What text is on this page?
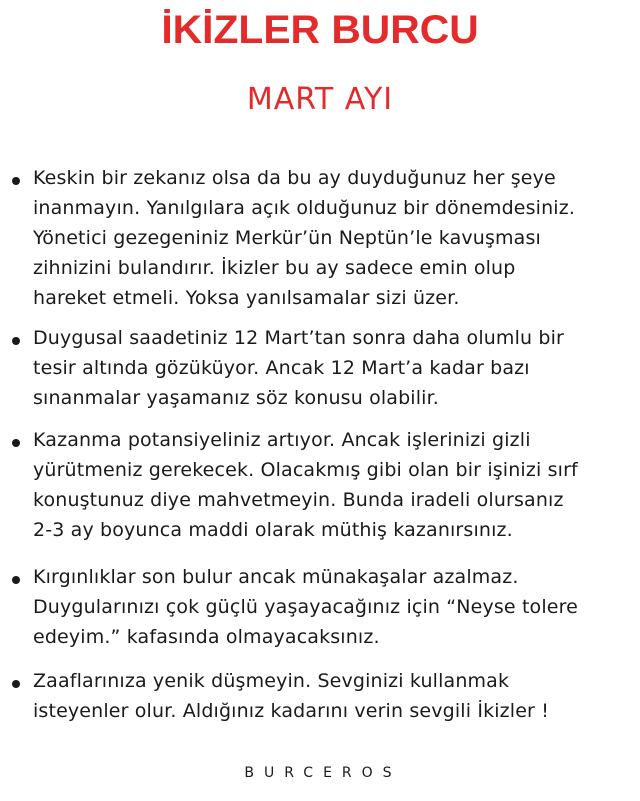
İKİZLER BURCU
MART AYI
Keskin bir zekanız olsa da bu ay duyduğunuz her şeye
inanmayın. Yanılgılara açık olduğunuz bir dönemdesiniz.
Yönetici gezegeniniz Merkür’ün Neptün’le kavuşması
zihnizini bulandırır. İkizler bu ay sadece emin olup
hareket etmeli. Yoksa yanılsamalar sizi üzer.
Duygusal saadetiniz 12 Mart’tan sonra daha olumlu bir
tesir altında gözüküyor. Ancak 12 Mart’a kadar bazı
sınanmalar yaşamanız söz konusu olabilir.
Kazanma potansiyeliniz artıyor. Ancak işlerinizi gizli
yürütmeniz gerekecek. Olacakmış gibi olan bir işinizi sırf
konuştunuz diye mahvetmeyin. Bunda iradeli olursanız
2-3 ay boyunca maddi olarak müthiş kazanırsınız.
Kırgınlıklar son bulur ancak münakaşalar azalmaz.
Duygularınızı çok güçlü yaşayacağınız için “Neyse tolere
edeyim.” kafasında olmayacaksınız.
Zaaflarınıza yenik düşmeyin. Sevginizi kullanmak
isteyenler olur. Aldığınız kadarını verin sevgili İkizler !
BURCEROS
